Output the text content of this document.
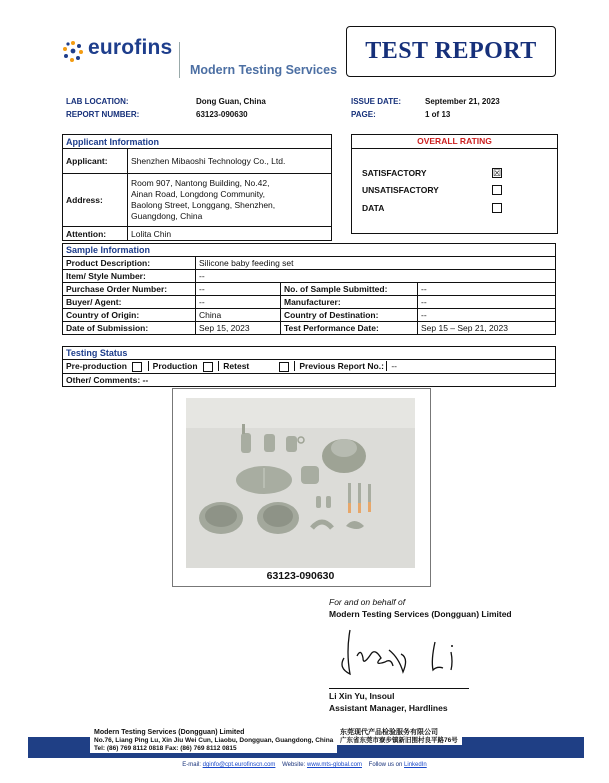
eurofins
Modern Testing Services
TEST REPORT
LAB LOCATION:	Dong Guan, China
REPORT NUMBER:	63123-090630
ISSUE DATE:	September 21, 2023
PAGE:	1 of 13
Applicant Information	
Applicant:	Shenzhen Mibaoshi Technology Co., Ltd.
Address:	Room 907, Nantong Building, No.42,
Ainan Road, Longdong Community,
Baolong Street, Longgang, Shenzhen,
Guangdong, China

Attention:	Lolita Chin
OVERALL RATING
SATISFACTORY	☒
UNSATISFACTORY
DATA
Sample Information			
Product Description:	Silicone baby feeding set		
Item/ Style Number:	--		
Purchase Order Number:	--	No. of Sample Submitted:	--
Buyer/ Agent:	--	Manufacturer:	--
Country of Origin:	China	Country of Destination:	--
Date of Submission:	Sep 15, 2023	Test Performance Date:	Sep 15 – Sep 21, 2023
Testing Status
Pre-production	Production	Retest	Previous Report No.: --
Other/ Comments: --
63123-090630
For and on behalf of
Modern Testing Services (Dongguan) Limited
Li Xin Yu, Insoul
Assistant Manager, Hardlines
Modern Testing Services (Dongguan) Limited
No.76, Liang Ping Lu, Xin Jiu Wei Cun, Liaobu, Dongguan, Guangdong, China
Tel: (86) 769 8112 0818 Fax: (86) 769 8112 0815
东莞现代产品检验服务有限公司
广东省东莞市寮步镇新旧围村良平路76号
E-mail: dginfo@cpt.eurofinscn.com Website: www.mts-global.com Follow us on LinkedIn
